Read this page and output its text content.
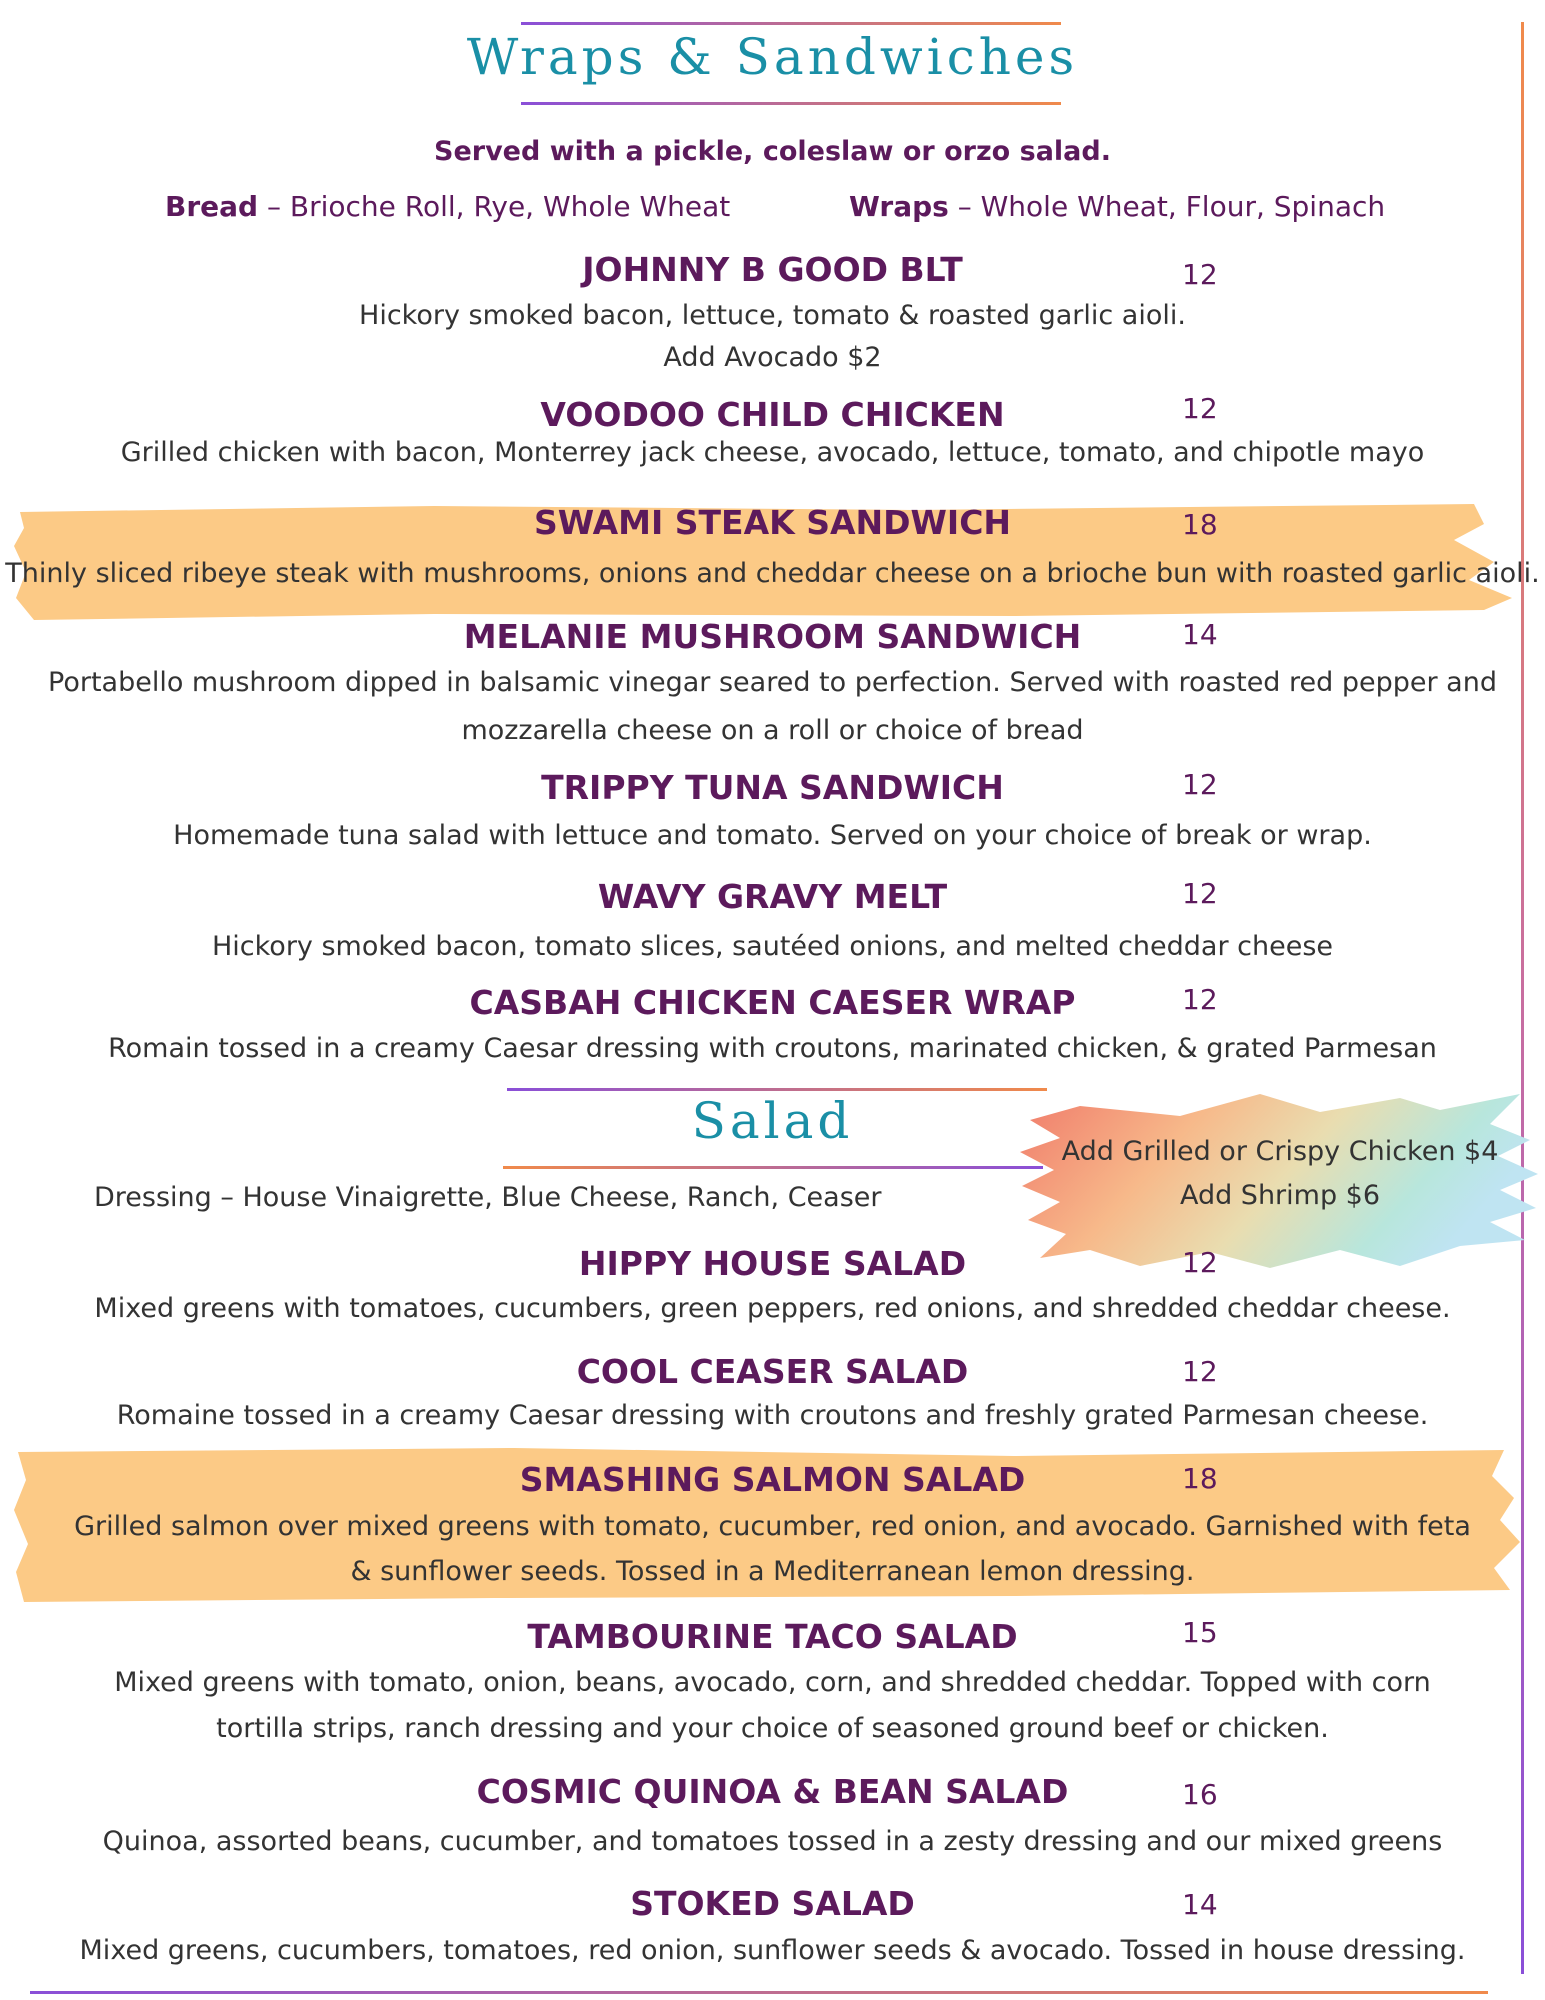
Wraps & Sandwiches
Served with a pickle, coleslaw or orzo salad.
Bread – Brioche Roll, Rye, Whole Wheat	Wraps – Whole Wheat, Flour, Spinach
JOHNNY B GOOD BLT	12
Hickory smoked bacon, lettuce, tomato & roasted garlic aioli.
Add Avocado $2
VOODOO CHILD CHICKEN	12
Grilled chicken with bacon, Monterrey jack cheese, avocado, lettuce, tomato, and chipotle mayo
SWAMI STEAK SANDWICH	18
Thinly sliced ribeye steak with mushrooms, onions and cheddar cheese on a brioche bun with roasted garlic aioli.
MELANIE MUSHROOM SANDWICH	14
Portabello mushroom dipped in balsamic vinegar seared to perfection. Served with roasted red pepper and
mozzarella cheese on a roll or choice of bread
TRIPPY TUNA SANDWICH	12
Homemade tuna salad with lettuce and tomato. Served on your choice of break or wrap.
WAVY GRAVY MELT	12
Hickory smoked bacon, tomato slices, sautéed onions, and melted cheddar cheese
CASBAH CHICKEN CAESER WRAP	12
Romain tossed in a creamy Caesar dressing with croutons, marinated chicken, & grated Parmesan
Salad
Add Grilled or Crispy Chicken $4
Add Shrimp $6
Dressing – House Vinaigrette, Blue Cheese, Ranch, Ceaser
HIPPY HOUSE SALAD	12
Mixed greens with tomatoes, cucumbers, green peppers, red onions, and shredded cheddar cheese.
COOL CEASER SALAD	12
Romaine tossed in a creamy Caesar dressing with croutons and freshly grated Parmesan cheese.
SMASHING SALMON SALAD	18
Grilled salmon over mixed greens with tomato, cucumber, red onion, and avocado. Garnished with feta
& sunflower seeds. Tossed in a Mediterranean lemon dressing.
TAMBOURINE TACO SALAD	15
Mixed greens with tomato, onion, beans, avocado, corn, and shredded cheddar. Topped with corn
tortilla strips, ranch dressing and your choice of seasoned ground beef or chicken.
COSMIC QUINOA & BEAN SALAD	16
Quinoa, assorted beans, cucumber, and tomatoes tossed in a zesty dressing and our mixed greens
STOKED SALAD	14
Mixed greens, cucumbers, tomatoes, red onion, sunflower seeds & avocado. Tossed in house dressing.
